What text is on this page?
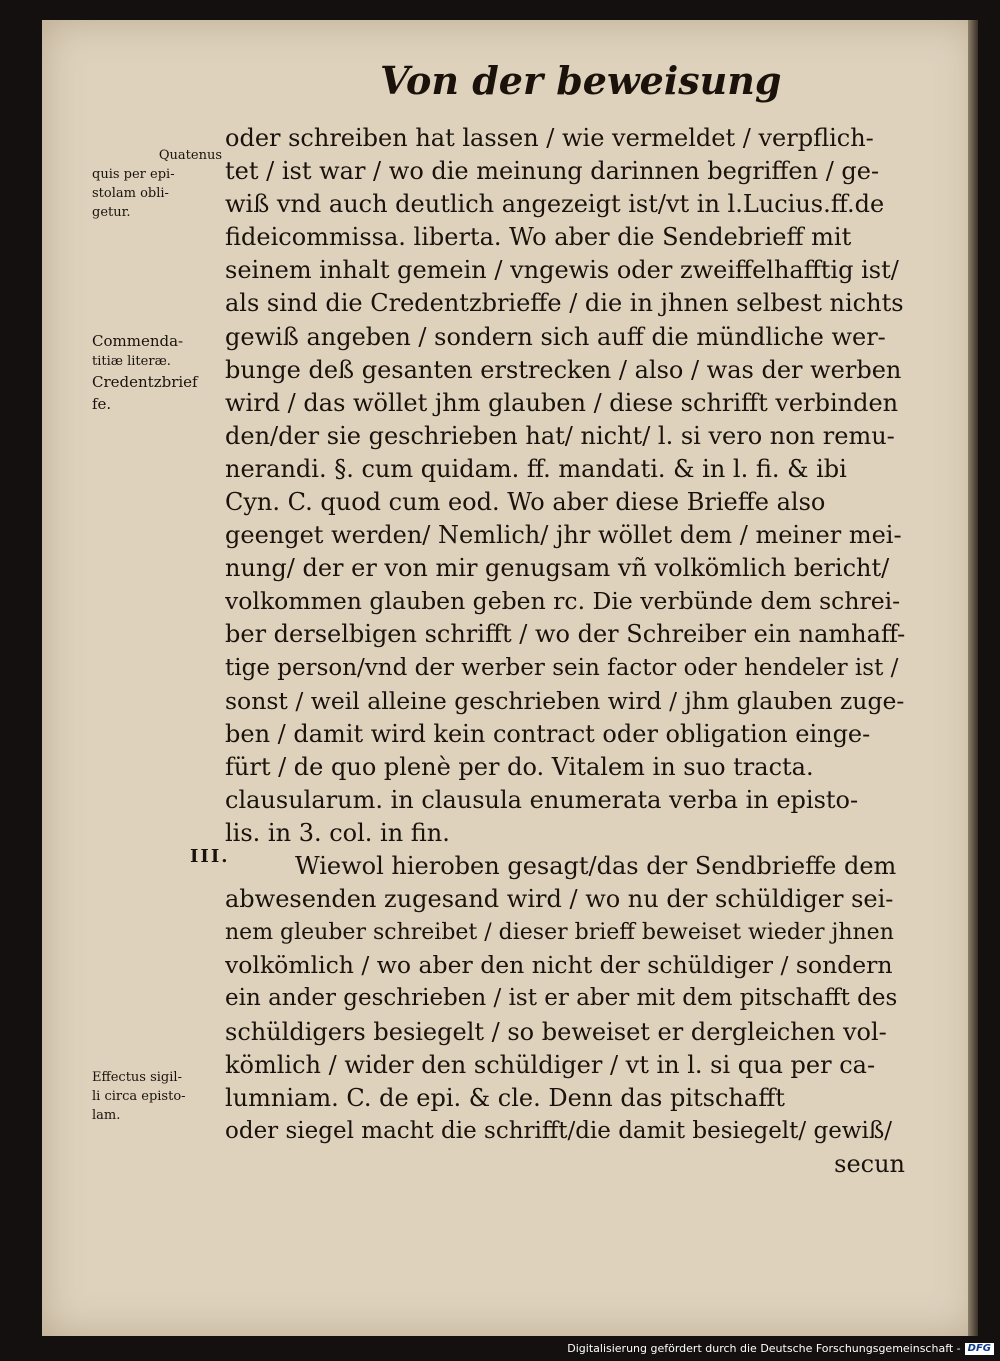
Von der beweisung
Quatenus
quis per epi-
stolam obli-
getur.
Commenda-
titiæ literæ.
Credentzbrief
fe.
III.
Effectus sigil-
li circa episto-
lam.
oder schreiben hat lassen / wie vermeldet / verpflich-
tet / ist war / wo die meinung darinnen begriffen / ge-
wiß vnd auch deutlich angezeigt ist/vt in l.Lucius.ff.de
fideicommissa. liberta. Wo aber die Sendebrieff mit
seinem inhalt gemein / vngewis oder zweiffelhafftig ist/
als sind die Credentzbrieffe / die in jhnen selbest nichts
gewiß angeben / sondern sich auff die mündliche wer-
bunge deß gesanten erstrecken / also / was der werben
wird / das wöllet jhm glauben / diese schrifft verbinden
den/der sie geschrieben hat/ nicht/ l. si vero non remu-
nerandi. §. cum quidam. ff. mandati. & in l. fi. & ibi
Cyn. C. quod cum eod. Wo aber diese Brieffe also
geenget werden/ Nemlich/ jhr wöllet dem / meiner mei-
nung/ der er von mir genugsam vñ volkömlich bericht/
volkommen glauben geben rc. Die verbünde dem schrei-
ber derselbigen schrifft / wo der Schreiber ein namhaff-
tige person/vnd der werber sein factor oder hendeler ist /
sonst / weil alleine geschrieben wird / jhm glauben zuge-
ben / damit wird kein contract oder obligation einge-
fürt / de quo plenè per do. Vitalem in suo tracta.
clausularum. in clausula enumerata verba in episto-
lis. in 3. col. in fin.
Wiewol hieroben gesagt/das der Sendbrieffe dem
abwesenden zugesand wird / wo nu der schüldiger sei-
nem gleuber schreibet / dieser brieff beweiset wieder jhnen
volkömlich / wo aber den nicht der schüldiger / sondern
ein ander geschrieben / ist er aber mit dem pitschafft des
schüldigers besiegelt / so beweiset er dergleichen vol-
kömlich / wider den schüldiger / vt in l. si qua per ca-
lumniam. C. de epi. & cle. Denn das pitschafft
oder siegel macht die schrifft/die damit besiegelt/ gewiß/
secun
Digitalisierung gefördert durch die Deutsche Forschungsgemeinschaft - DFG
